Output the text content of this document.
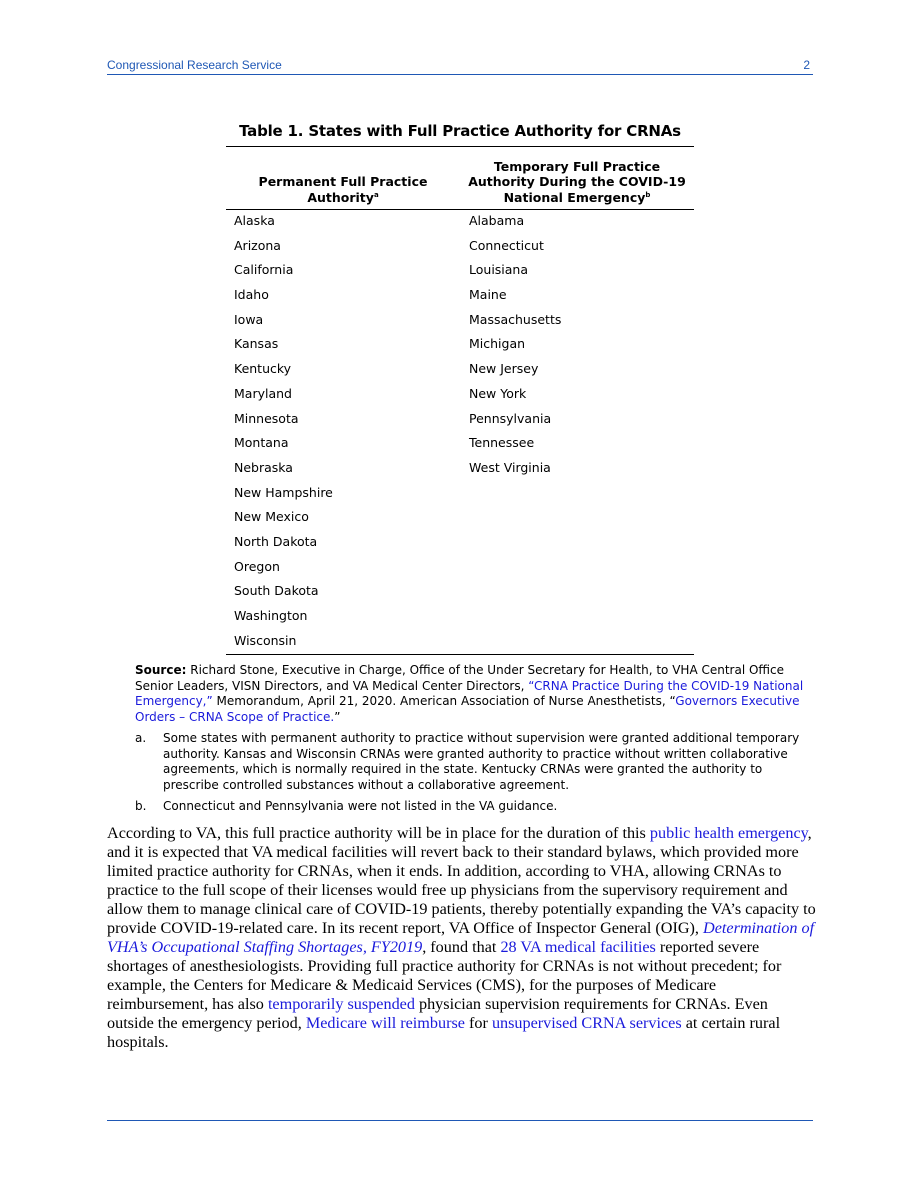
Congressional Research Service	2
Table 1. States with Full Practice Authority for CRNAs
Permanent Full Practice Authority$^a$
Temporary Full Practice Authority During the COVID-19 National Emergency$^b$
Alaska
Arizona
California
Idaho
Iowa
Kansas
Kentucky
Maryland
Minnesota
Montana
Nebraska
New Hampshire
New Mexico
North Dakota
Oregon
South Dakota
Washington
Wisconsin
Alabama
Connecticut
Louisiana
Maine
Massachusetts
Michigan
New Jersey
New York
Pennsylvania
Tennessee
West Virginia
Source: Richard Stone, Executive in Charge, Office of the Under Secretary for Health, to VHA Central Office Senior Leaders, VISN Directors, and VA Medical Center Directors, “CRNA Practice During the COVID-19 National Emergency,” Memorandum, April 21, 2020. American Association of Nurse Anesthetists, “Governors Executive Orders – CRNA Scope of Practice.”
a. Some states with permanent authority to practice without supervision were granted additional temporary authority. Kansas and Wisconsin CRNAs were granted authority to practice without written collaborative agreements, which is normally required in the state. Kentucky CRNAs were granted the authority to prescribe controlled substances without a collaborative agreement.
b. Connecticut and Pennsylvania were not listed in the VA guidance.
According to VA, this full practice authority will be in place for the duration of this public health emergency, and it is expected that VA medical facilities will revert back to their standard bylaws, which provided more limited practice authority for CRNAs, when it ends. In addition, according to VHA, allowing CRNAs to practice to the full scope of their licenses would free up physicians from the supervisory requirement and allow them to manage clinical care of COVID-19 patients, thereby potentially expanding the VA’s capacity to provide COVID-19-related care. In its recent report, VA Office of Inspector General (OIG), Determination of VHA’s Occupational Staffing Shortages, FY2019, found that 28 VA medical facilities reported severe shortages of anesthesiologists. Providing full practice authority for CRNAs is not without precedent; for example, the Centers for Medicare & Medicaid Services (CMS), for the purposes of Medicare reimbursement, has also temporarily suspended physician supervision requirements for CRNAs. Even outside the emergency period, Medicare will reimburse for unsupervised CRNA services at certain rural hospitals.
